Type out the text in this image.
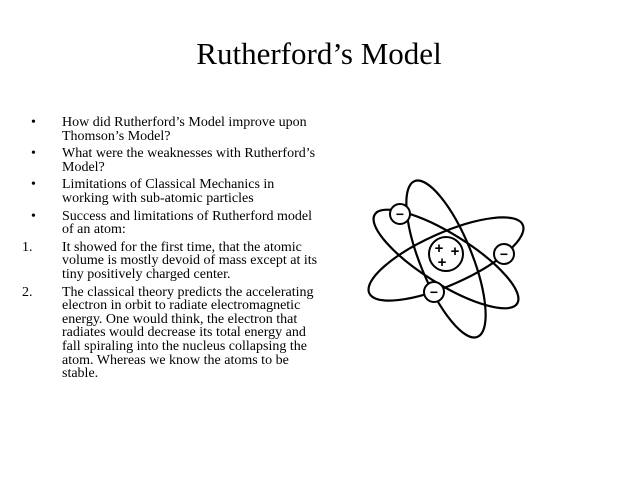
Rutherford’s Model
• How did Rutherford’s Model improve upon Thomson’s Model?
• What were the weaknesses with Rutherford’s Model?
• Limitations of Classical Mechanics in working with sub-atomic particles
• Success and limitations of Rutherford model of an atom:
1. It showed for the first time, that the atomic volume is mostly devoid of mass except at its tiny positively charged center.
2. The classical theory predicts the accelerating electron in orbit to radiate electromagnetic energy. One would think, the electron that radiates would decrease its total energy and fall spiraling into the nucleus collapsing the atom. Whereas we know the atoms to be stable.
+ +
+
−
−
−
